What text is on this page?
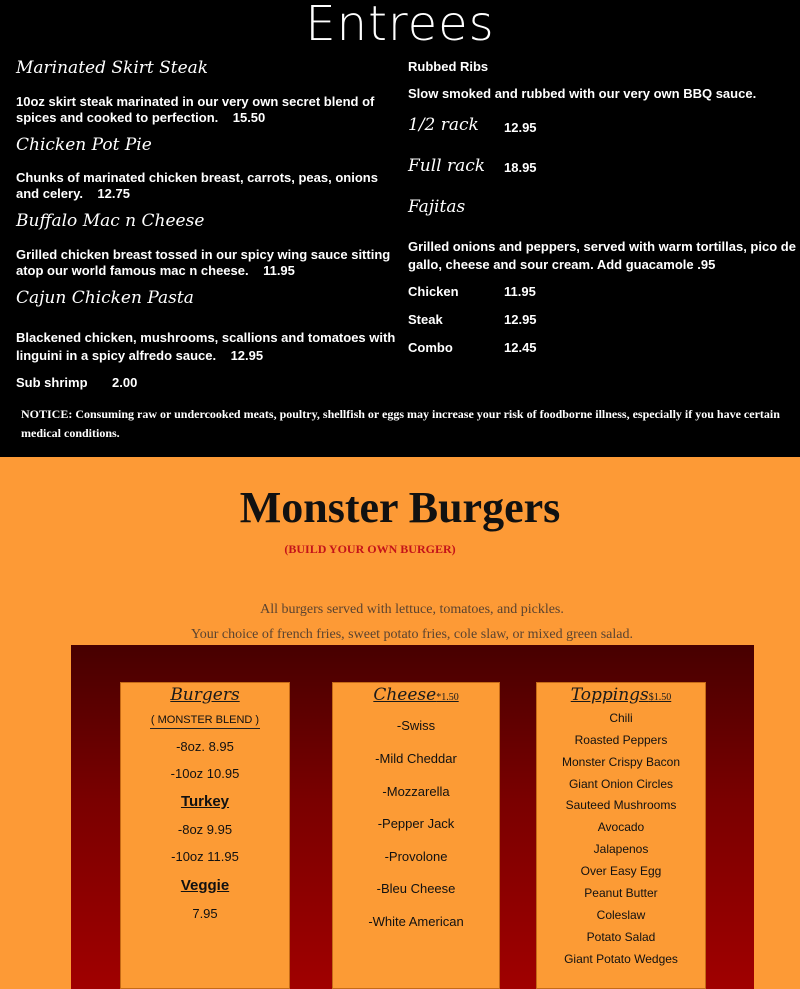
Entrees
Marinated Skirt Steak
10oz skirt steak marinated in our very own secret blend of spices and cooked to perfection. 15.50
Chicken Pot Pie
Chunks of marinated chicken breast, carrots, peas, onions and celery. 12.75
Buffalo Mac n Cheese
Grilled chicken breast tossed in our spicy wing sauce sitting atop our world famous mac n cheese. 11.95
Cajun Chicken Pasta
Blackened chicken, mushrooms, scallions and tomatoes with linguini in a spicy alfredo sauce. 12.95
Sub shrimp 2.00
Rubbed Ribs
Slow smoked and rubbed with our very own BBQ sauce.
1/2 rack 12.95
Full rack 18.95
Fajitas
Grilled onions and peppers, served with warm tortillas, pico de gallo, cheese and sour cream. Add guacamole .95
Chicken	11.95
Steak	12.95
Combo	12.45

NOTICE: Consuming raw or undercooked meats, poultry, shellfish or eggs may increase your risk of foodborne illness, especially if you have certain medical conditions.

Monster Burgers
(BUILD YOUR OWN BURGER)
All burgers served with lettuce, tomatoes, and pickles.
Your choice of french fries, sweet potato fries, cole slaw, or mixed green salad.
Burgers
( MONSTER BLEND )
-8oz. 8.95
-10oz 10.95
Turkey
-8oz 9.95
-10oz 11.95
Veggie
7.95
Cheese*1.50
-Swiss
-Mild Cheddar
-Mozzarella
-Pepper Jack
-Provolone
-Bleu Cheese
-White American
Toppings$1.50
Chili
Roasted Peppers
Monster Crispy Bacon
Giant Onion Circles
Sauteed Mushrooms
Avocado
Jalapenos
Over Easy Egg
Peanut Butter
Coleslaw
Potato Salad
Giant Potato Wedges
